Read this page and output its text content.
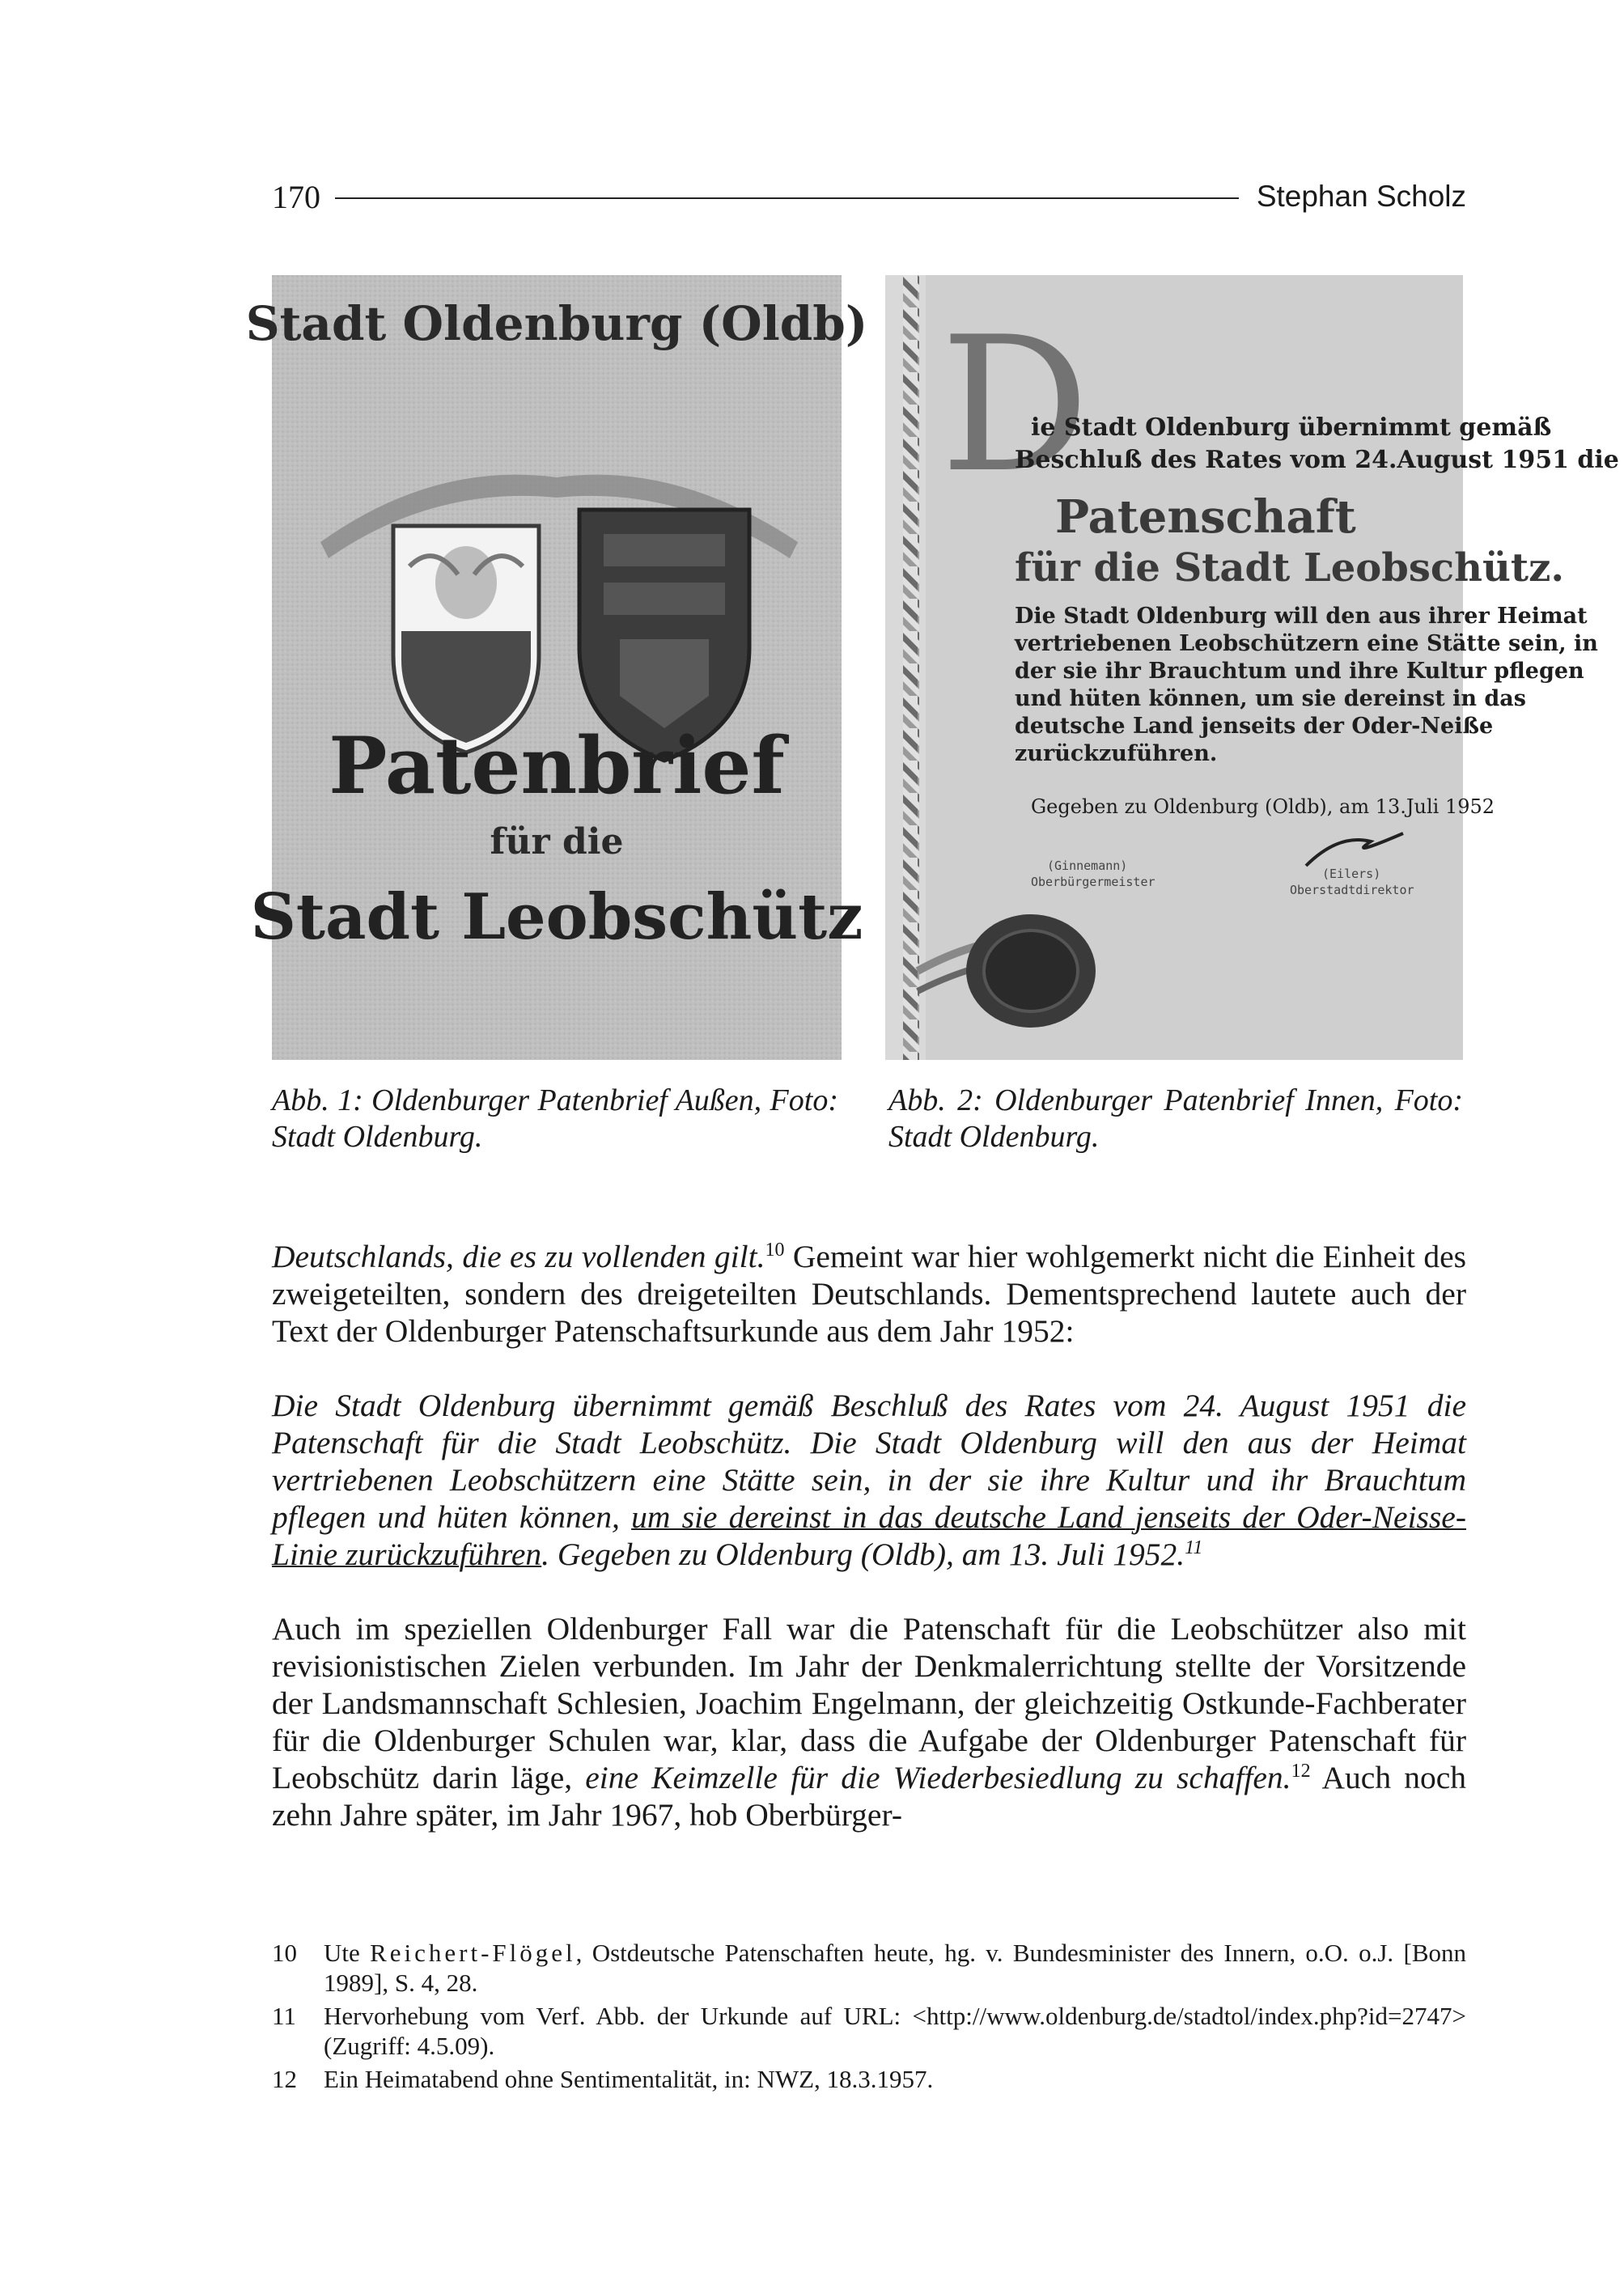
170	Stephan Scholz
Stadt Oldenburg (Oldb)
Patenbrief
für die
Stadt Leobschütz
D
ie Stadt Oldenburg übernimmt gemäß
Beschluß des Rates vom 24.August 1951 die
Patenschaft
für die Stadt Leobschütz.
Die Stadt Oldenburg will den aus ihrer Heimat
vertriebenen Leobschützern eine Stätte sein, in
der sie ihr Brauchtum und ihre Kultur pflegen
und hüten können, um sie dereinst in das
deutsche Land jenseits der Oder-Neiße
zurückzuführen.
Gegeben zu Oldenburg (Oldb), am 13.Juli 1952
(Ginnemann)
Oberbürgermeister
(Eilers)
Oberstadtdirektor
Abb. 1: Oldenburger Patenbrief Außen, Foto: Stadt Oldenburg.
Abb. 2: Oldenburger Patenbrief Innen, Foto: Stadt Oldenburg.

Deutschlands, die es zu vollenden gilt.$^{10}$ Gemeint war hier wohlgemerkt nicht die Einheit des zweigeteilten, sondern des dreigeteilten Deutschlands. Dementsprechend lautete auch der Text der Oldenburger Patenschaftsurkunde aus dem Jahr 1952:

Die Stadt Oldenburg übernimmt gemäß Beschluß des Rates vom 24. August 1951 die Patenschaft für die Stadt Leobschütz. Die Stadt Oldenburg will den aus der Heimat vertriebenen Leobschützern eine Stätte sein, in der sie ihre Kultur und ihr Brauchtum pflegen und hüten können, um sie dereinst in das deutsche Land jenseits der Oder-Neisse-Linie zurückzuführen. Gegeben zu Oldenburg (Oldb), am 13. Juli 1952.11

Auch im speziellen Oldenburger Fall war die Patenschaft für die Leobschützer also mit revisionistischen Zielen verbunden. Im Jahr der Denkmalerrichtung stellte der Vorsitzende der Landsmannschaft Schlesien, Joachim Engelmann, der gleichzeitig Ostkunde-Fachberater für die Oldenburger Schulen war, klar, dass die Aufgabe der Oldenburger Patenschaft für Leobschütz darin läge, eine Keimzelle für die Wiederbesiedlung zu schaffen.$^{12}$ Auch noch zehn Jahre später, im Jahr 1967, hob Oberbürger-

10	Ute Reichert-Flögel, Ostdeutsche Patenschaften heute, hg. v. Bundesminister des Innern, o.O. o.J. [Bonn 1989], S. 4, 28.
11	Hervorhebung vom Verf. Abb. der Urkunde auf URL: <http://www.oldenburg.de/stadtol/index.php?id=2747> (Zugriff: 4.5.09).
12	Ein Heimatabend ohne Sentimentalität, in: NWZ, 18.3.1957.
